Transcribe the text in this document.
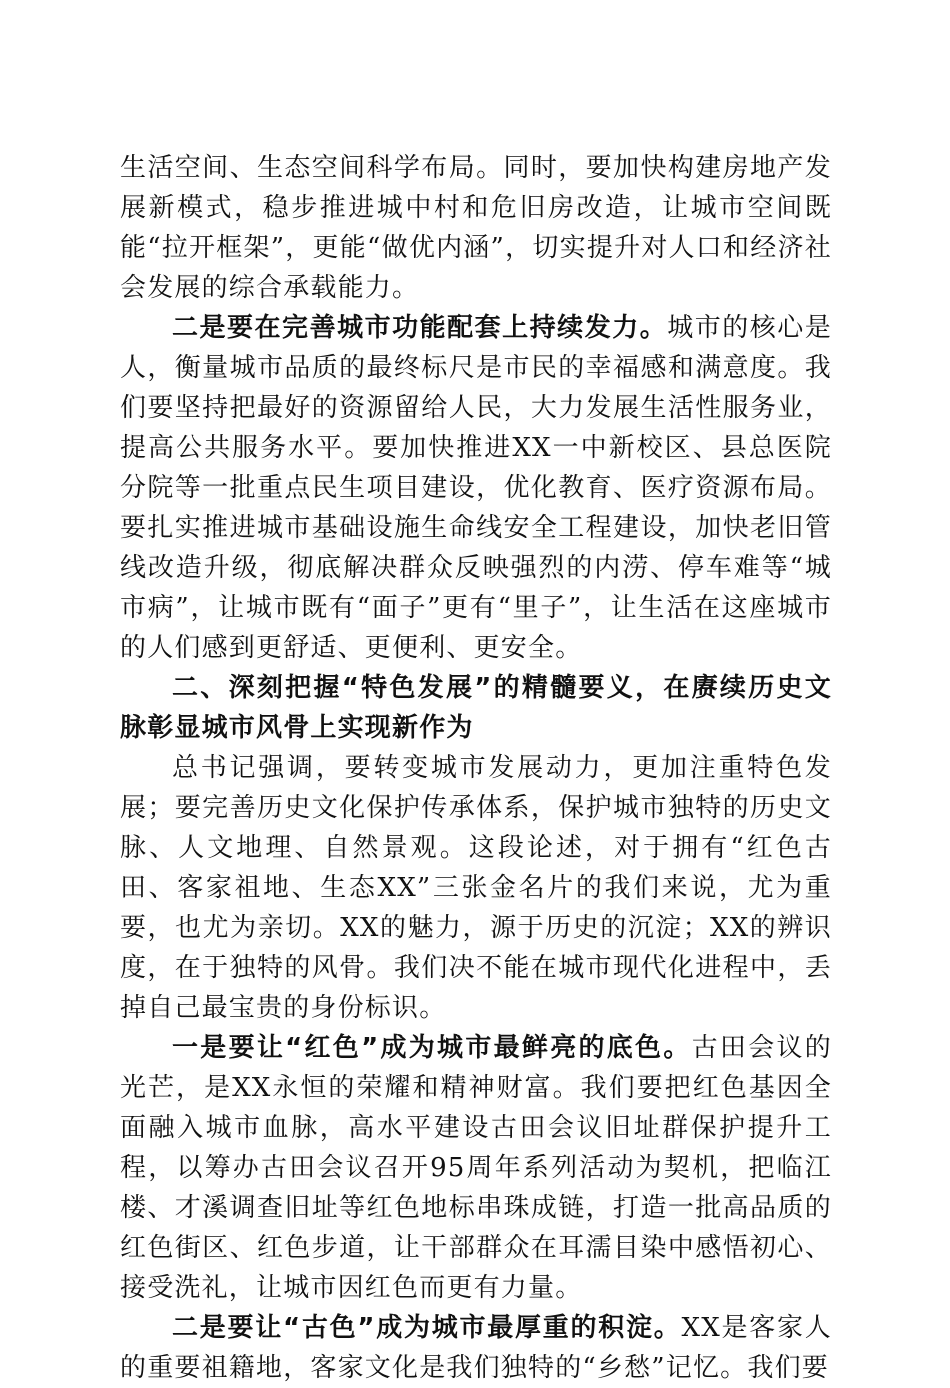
生活空间、生态空间科学布局。同时，要加快构建房地产发展新模式，稳步推进城中村和危旧房改造，让城市空间既能“拉开框架”，更能“做优内涵”，切实提升对人口和经济社会发展的综合承载能力。

二是要在完善城市功能配套上持续发力。城市的核心是人，衡量城市品质的最终标尺是市民的幸福感和满意度。我们要坚持把最好的资源留给人民，大力发展生活性服务业，提高公共服务水平。要加快推进XX一中新校区、县总医院分院等一批重点民生项目建设，优化教育、医疗资源布局。要扎实推进城市基础设施生命线安全工程建设，加快老旧管线改造升级，彻底解决群众反映强烈的内涝、停车难等“城市病”，让城市既有“面子”更有“里子”，让生活在这座城市的人们感到更舒适、更便利、更安全。

二、深刻把握“特色发展”的精髓要义，在赓续历史文脉彰显城市风骨上实现新作为

总书记强调，要转变城市发展动力，更加注重特色发展；要完善历史文化保护传承体系，保护城市独特的历史文脉、人文地理、自然景观。这段论述，对于拥有“红色古田、客家祖地、生态XX”三张金名片的我们来说，尤为重要，也尤为亲切。XX的魅力，源于历史的沉淀；XX的辨识度，在于独特的风骨。我们决不能在城市现代化进程中，丢掉自己最宝贵的身份标识。

一是要让“红色”成为城市最鲜亮的底色。古田会议的光芒，是XX永恒的荣耀和精神财富。我们要把红色基因全面融入城市血脉，高水平建设古田会议旧址群保护提升工程，以筹办古田会议召开95周年系列活动为契机，把临江楼、才溪调查旧址等红色地标串珠成链，打造一批高品质的红色街区、红色步道，让干部群众在耳濡目染中感悟初心、接受洗礼，让城市因红色而更有力量。

二是要让“古色”成为城市最厚重的积淀。XX是客家人的重要祖籍地，客家文化是我们独特的“乡愁”记忆。我们要
